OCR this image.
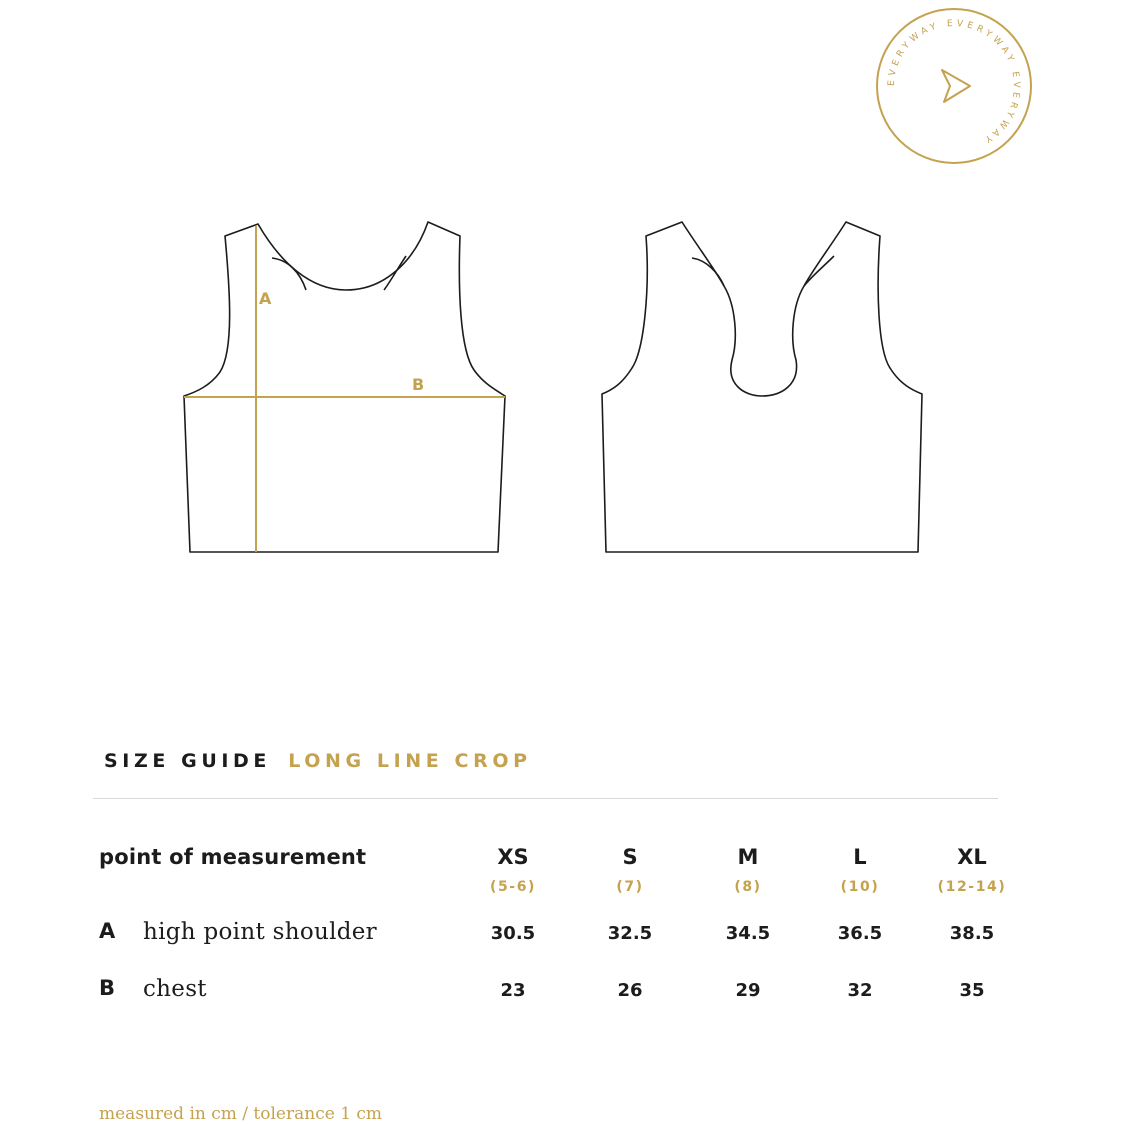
EVERYWAY EVERYWAY EVERYWAY
A
B
SIZE GUIDE LONG LINE CROP
point of measurement	XS	S	M	L	XL
(5-6)	(7)	(8)	(10)	(12-14)
A high point shoulder	30.5	32.5	34.5	36.5	38.5
B chest	23	26	29	32	35
measured in cm / tolerance 1 cm
